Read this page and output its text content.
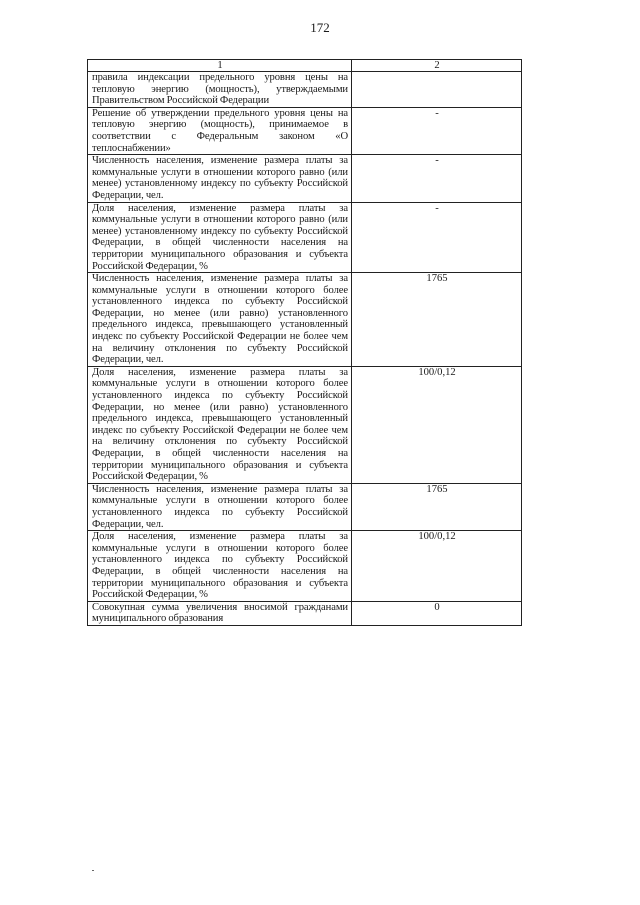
172
1	2
правила индексации предельного уровня цены на тепловую энергию (мощность), утверждаемыми Правительством Российской Федерации	
Решение об утверждении предельного уровня цены на тепловую энергию (мощность), принимаемое в соответствии с Федеральным законом «О теплоснабжении»	-
Численность населения, изменение размера платы за коммунальные услуги в отношении которого равно (или менее) установленному индексу по субъекту Российской Федерации, чел.	-
Доля населения, изменение размера платы за коммунальные услуги в отношении которого равно (или менее) установленному индексу по субъекту Российской Федерации, в общей численности населения на территории муниципального образования и субъекта Российской Федерации, %	-
Численность населения, изменение размера платы за коммунальные услуги в отношении которого более установленного индекса по субъекту Российской Федерации, но менее (или равно) установленного предельного индекса, превышающего установленный индекс по субъекту Российской Федерации не более чем на величину отклонения по субъекту Российской Федерации, чел.	1765
Доля населения, изменение размера платы за коммунальные услуги в отношении которого более установленного индекса по субъекту Российской Федерации, но менее (или равно) установленного предельного индекса, превышающего установленный индекс по субъекту Российской Федерации не более чем на величину отклонения по субъекту Российской Федерации, в общей численности населения на территории муниципального образования и субъекта Российской Федерации, %	100/0,12
Численность населения, изменение размера платы за коммунальные услуги в отношении которого более установленного индекса по субъекту Российской Федерации, чел.	1765
Доля населения, изменение размера платы за коммунальные услуги в отношении которого более установленного индекса по субъекту Российской Федерации, в общей численности населения на территории муниципального образования и субъекта Российской Федерации, %	100/0,12
Совокупная сумма увеличения вносимой гражданами муниципального образования	0
